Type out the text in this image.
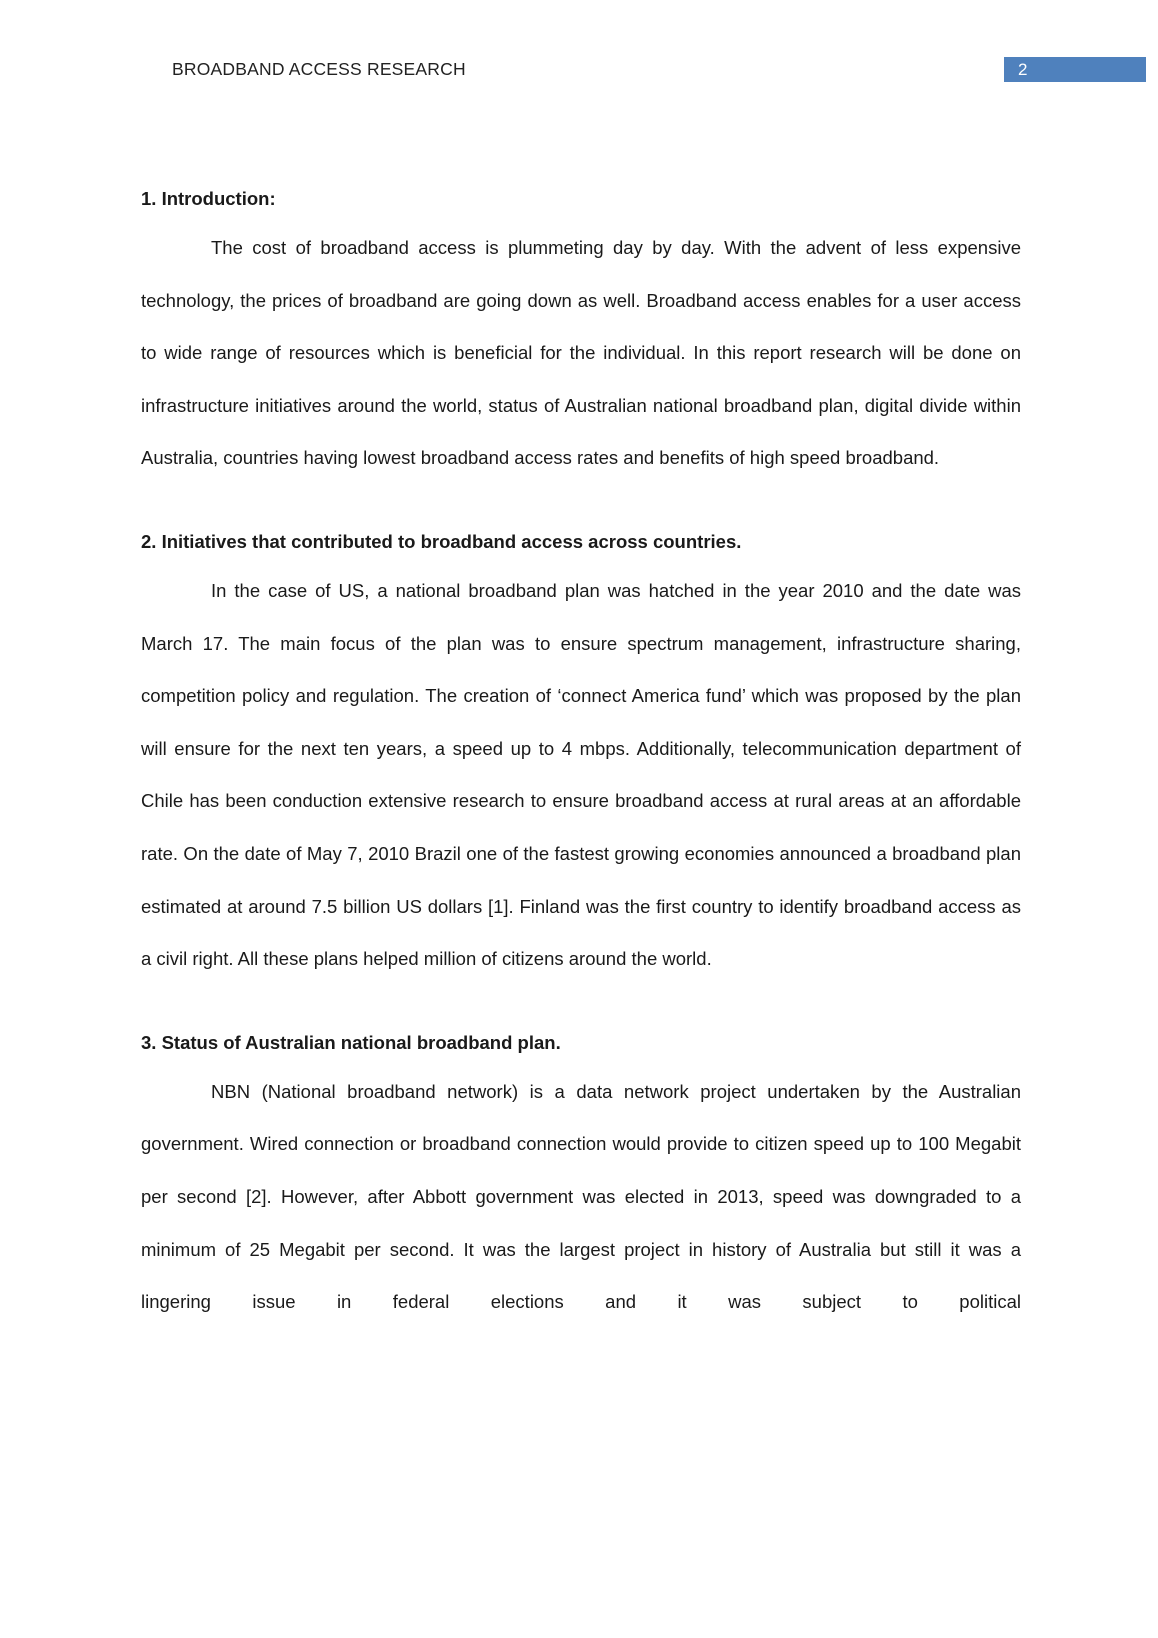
BROADBAND ACCESS RESEARCH	2

1. Introduction:

The cost of broadband access is plummeting day by day. With the advent of less expensive technology, the prices of broadband are going down as well. Broadband access enables for a user access to wide range of resources which is beneficial for the individual. In this report research will be done on infrastructure initiatives around the world, status of Australian national broadband plan, digital divide within Australia, countries having lowest broadband access rates and benefits of high speed broadband.

2. Initiatives that contributed to broadband access across countries.

In the case of US, a national broadband plan was hatched in the year 2010 and the date was March 17. The main focus of the plan was to ensure spectrum management, infrastructure sharing, competition policy and regulation. The creation of ‘connect America fund’ which was proposed by the plan will ensure for the next ten years, a speed up to 4 mbps. Additionally, telecommunication department of Chile has been conduction extensive research to ensure broadband access at rural areas at an affordable rate. On the date of May 7, 2010 Brazil one of the fastest growing economies announced a broadband plan estimated at around 7.5 billion US dollars [1]. Finland was the first country to identify broadband access as a civil right. All these plans helped million of citizens around the world.

3. Status of Australian national broadband plan.

NBN (National broadband network) is a data network project undertaken by the Australian government. Wired connection or broadband connection would provide to citizen speed up to 100 Megabit per second [2]. However, after Abbott government was elected in 2013, speed was downgraded to a minimum of 25 Megabit per second. It was the largest project in history of Australia but still it was a lingering issue in federal elections and it was subject to political
